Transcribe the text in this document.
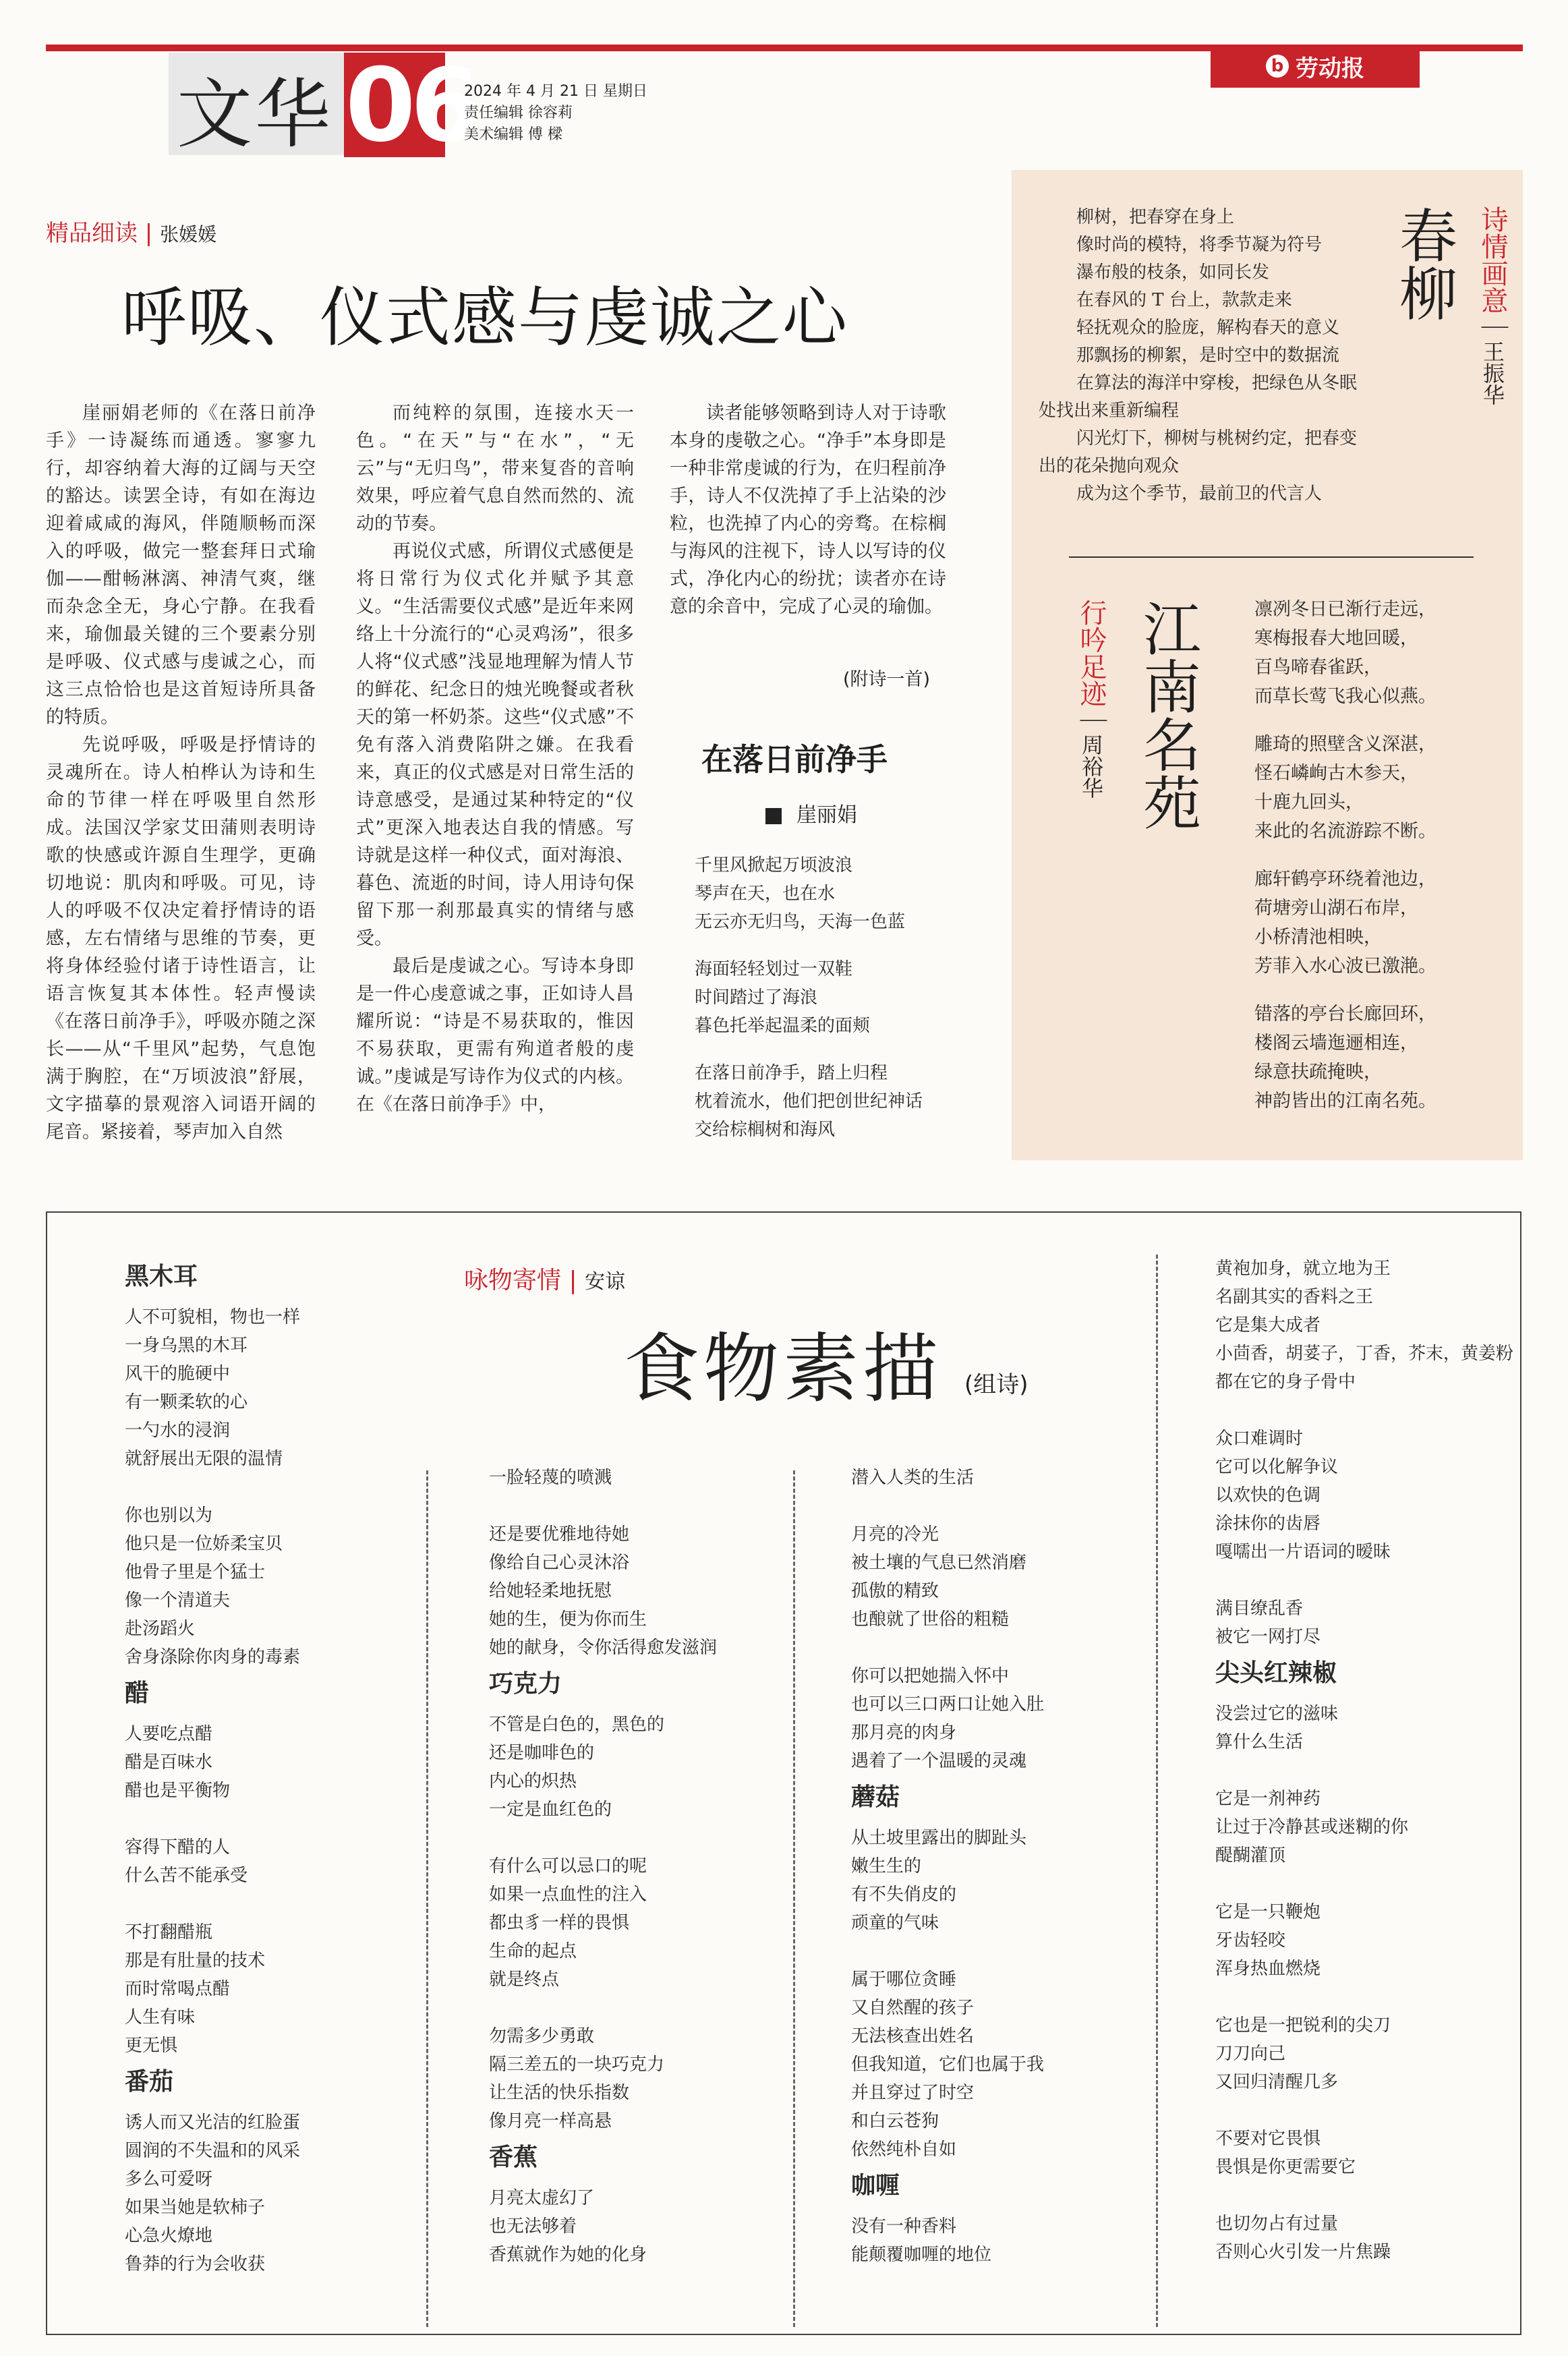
文华 06
2024 年 4 月 21 日 星期日
责任编辑 徐容莉
美术编辑 傅 樑
b 劳动报
精品细读 | 张媛媛
呼吸、仪式感与虔诚之心

崖丽娟老师的《在落日前净手》一诗凝练而通透。寥寥九行，却容纳着大海的辽阔与天空的豁达。读罢全诗，有如在海边迎着咸咸的海风，伴随顺畅而深入的呼吸，做完一整套拜日式瑜伽——酣畅淋漓、神清气爽，继而杂念全无，身心宁静。在我看来，瑜伽最关键的三个要素分别是呼吸、仪式感与虔诚之心，而这三点恰恰也是这首短诗所具备的特质。

先说呼吸，呼吸是抒情诗的灵魂所在。诗人柏桦认为诗和生命的节律一样在呼吸里自然形成。法国汉学家艾田蒲则表明诗歌的快感或许源自生理学，更确切地说：肌肉和呼吸。可见，诗人的呼吸不仅决定着抒情诗的语感，左右情绪与思维的节奏，更将身体经验付诸于诗性语言，让语言恢复其本体性。轻声慢读《在落日前净手》，呼吸亦随之深长——从“千里风”起势，气息饱满于胸腔，在“万顷波浪”舒展，文字描摹的景观溶入词语开阔的尾音。紧接着，琴声加入自然

而纯粹的氛围，连接水天一色。“在天”与“在水”，“无云”与“无归鸟”，带来复沓的音响效果，呼应着气息自然而然的、流动的节奏。

再说仪式感，所谓仪式感便是将日常行为仪式化并赋予其意义。“生活需要仪式感”是近年来网络上十分流行的“心灵鸡汤”，很多人将“仪式感”浅显地理解为情人节的鲜花、纪念日的烛光晚餐或者秋天的第一杯奶茶。这些“仪式感”不免有落入消费陷阱之嫌。在我看来，真正的仪式感是对日常生活的诗意感受，是通过某种特定的“仪式”更深入地表达自我的情感。写诗就是这样一种仪式，面对海浪、暮色、流逝的时间，诗人用诗句保留下那一刹那最真实的情绪与感受。

最后是虔诚之心。写诗本身即是一件心虔意诚之事，正如诗人昌耀所说：“诗是不易获取的，惟因不易获取，更需有殉道者般的虔诚。”虔诚是写诗作为仪式的内核。在《在落日前净手》中，

读者能够领略到诗人对于诗歌本身的虔敬之心。“净手”本身即是一种非常虔诚的行为，在归程前净手，诗人不仅洗掉了手上沾染的沙粒，也洗掉了内心的旁骛。在棕榈与海风的注视下，诗人以写诗的仪式，净化内心的纷扰；读者亦在诗意的余音中，完成了心灵的瑜伽。

(附诗一首)
在落日前净手
崖丽娟
千里风掀起万顷波浪
琴声在天，也在水
无云亦无归鸟，天海一色蓝
海面轻轻划过一双鞋
时间踏过了海浪
暮色托举起温柔的面颊
在落日前净手，踏上归程
枕着流水，他们把创世纪神话
交给棕榈树和海风
诗情画意｜王振华
春柳
柳树，把春穿在身上
像时尚的模特，将季节凝为符号
瀑布般的枝条，如同长发
在春风的 T 台上，款款走来
轻抚观众的脸庞，解构春天的意义
那飘扬的柳絮，是时空中的数据流
在算法的海洋中穿梭，把绿色从冬眠
处找出来重新编程
闪光灯下，柳树与桃树约定，把春变
出的花朵抛向观众
成为这个季节，最前卫的代言人
行吟足迹｜周裕华 江南名苑	凛冽冬日已渐行走远，
寒梅报春大地回暖，
百鸟啼春雀跃，
而草长莺飞我心似燕。
雕琦的照壁含义深湛，
怪石嶙峋古木参天，
十鹿九回头，
来此的名流游踪不断。
廊轩鹤亭环绕着池边，
荷塘旁山湖石布岸，
小桥清池相映，
芳菲入水心波已激滟。
错落的亭台长廊回环，
楼阁云墙迤逦相连，
绿意扶疏掩映，
神韵皆出的江南名苑。
咏物寄情 | 安谅
食物素描 (组诗)
黑木耳
人不可貌相，物也一样
一身乌黑的木耳
风干的脆硬中
有一颗柔软的心
一勺水的浸润
就舒展出无限的温情
你也别以为
他只是一位娇柔宝贝
他骨子里是个猛士
像一个清道夫
赴汤蹈火
舍身涤除你肉身的毒素
醋
人要吃点醋
醋是百味水
醋也是平衡物
容得下醋的人
什么苦不能承受
不打翻醋瓶
那是有肚量的技术
而时常喝点醋
人生有味
更无惧
番茄
诱人而又光洁的红脸蛋
圆润的不失温和的风采
多么可爱呀
如果当她是软柿子
心急火燎地
鲁莽的行为会收获
一脸轻蔑的喷溅
还是要优雅地待她
像给自己心灵沐浴
给她轻柔地抚慰
她的生，便为你而生
她的献身，令你活得愈发滋润
巧克力
不管是白色的，黑色的
还是咖啡色的
内心的炽热
一定是血红色的
有什么可以忌口的呢
如果一点血性的注入
都虫豸一样的畏惧
生命的起点
就是终点
勿需多少勇敢
隔三差五的一块巧克力
让生活的快乐指数
像月亮一样高悬
香蕉
月亮太虚幻了
也无法够着
香蕉就作为她的化身
潜入人类的生活
月亮的冷光
被土壤的气息已然消磨
孤傲的精致
也酿就了世俗的粗糙
你可以把她揣入怀中
也可以三口两口让她入肚
那月亮的肉身
遇着了一个温暖的灵魂
蘑菇
从土坡里露出的脚趾头
嫩生生的
有不失俏皮的
顽童的气味
属于哪位贪睡
又自然醒的孩子
无法核查出姓名
但我知道，它们也属于我
并且穿过了时空
和白云苍狗
依然纯朴自如
咖喱
没有一种香料
能颠覆咖喱的地位
黄袍加身，就立地为王
名副其实的香料之王
它是集大成者
小茴香，胡荽子，丁香，芥末，黄姜粉
都在它的身子骨中
众口难调时
它可以化解争议
以欢快的色调
涂抹你的齿唇
嘎嚅出一片语词的暧昧
满目缭乱香
被它一网打尽
尖头红辣椒
没尝过它的滋味
算什么生活
它是一剂神药
让过于冷静甚或迷糊的你
醍醐灌顶
它是一只鞭炮
牙齿轻咬
浑身热血燃烧
它也是一把锐利的尖刀
刀刀向己
又回归清醒几多
不要对它畏惧
畏惧是你更需要它
也切勿占有过量
否则心火引发一片焦躁
